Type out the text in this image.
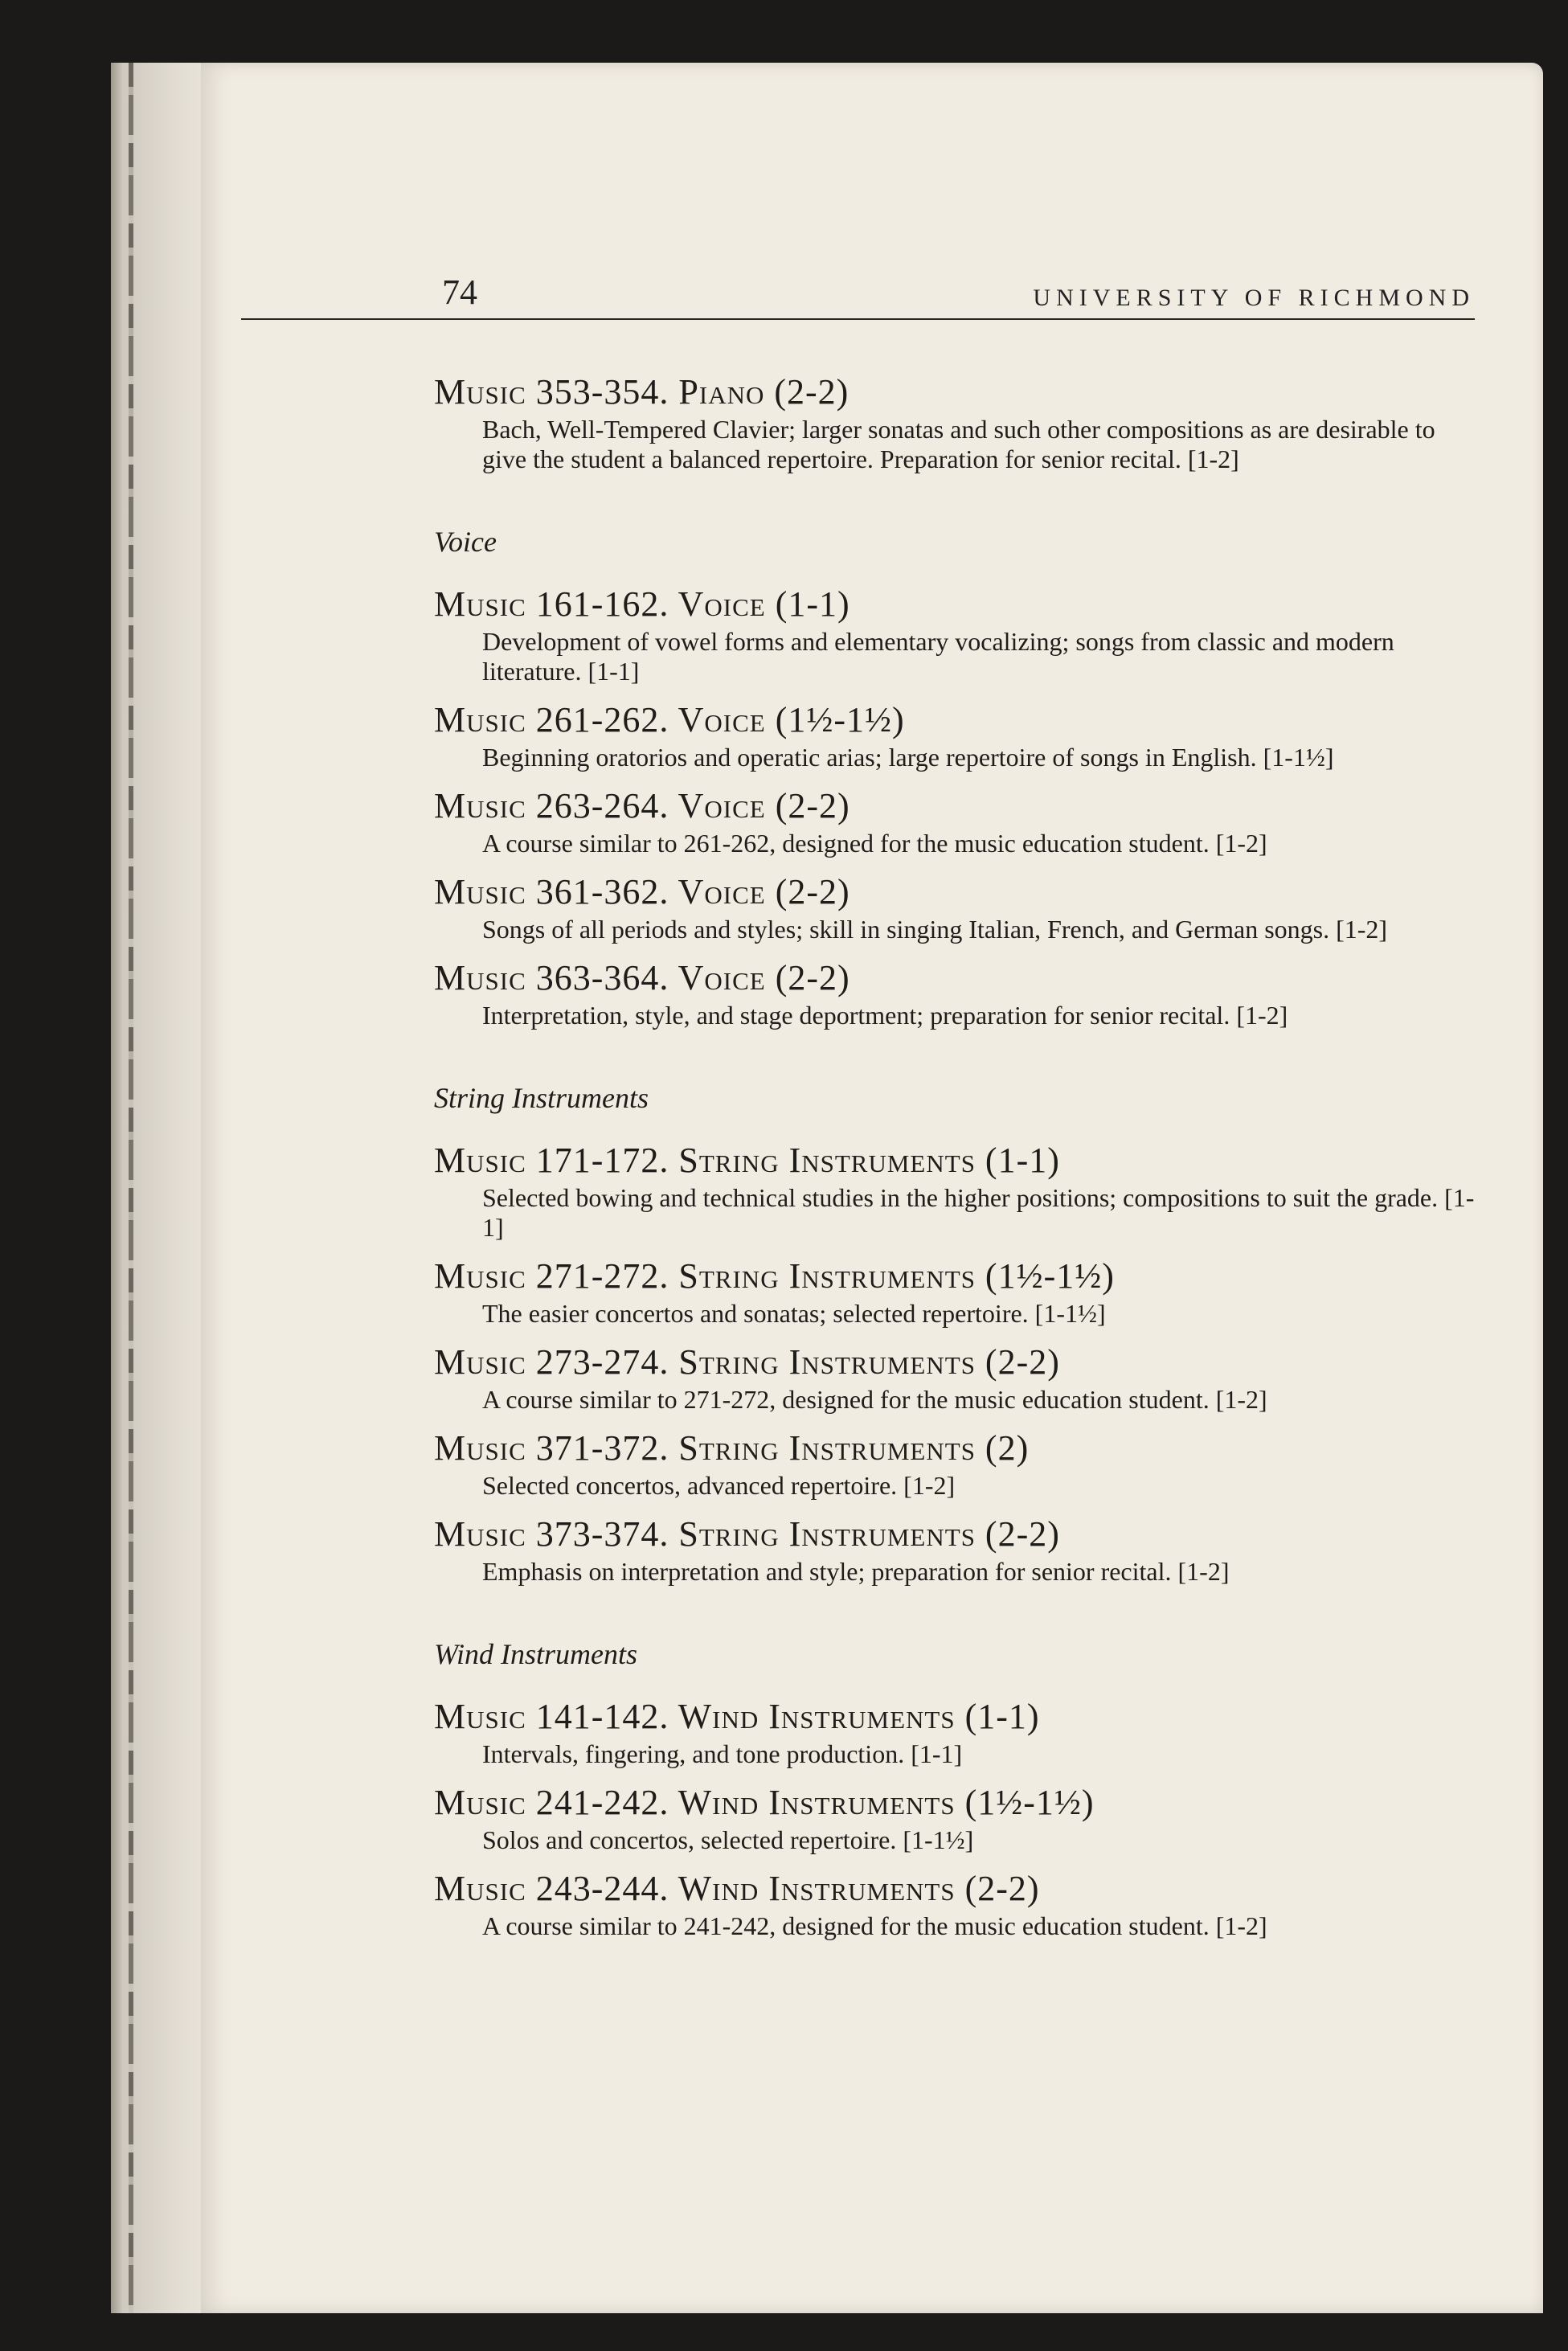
74	UNIVERSITY OF RICHMOND

Music 353-354. Piano (2-2)

Bach, Well-Tempered Clavier; larger sonatas and such other compositions as are desirable to give the student a balanced repertoire. Preparation for senior recital. [1-2]

Voice

Music 161-162. Voice (1-1)

Development of vowel forms and elementary vocalizing; songs from classic and modern literature. [1-1]

Music 261-262. Voice (1½-1½)

Beginning oratorios and operatic arias; large repertoire of songs in English. [1-1½]

Music 263-264. Voice (2-2)

A course similar to 261-262, designed for the music education student. [1-2]

Music 361-362. Voice (2-2)

Songs of all periods and styles; skill in singing Italian, French, and German songs. [1-2]

Music 363-364. Voice (2-2)

Interpretation, style, and stage deportment; preparation for senior recital. [1-2]

String Instruments

Music 171-172. String Instruments (1-1)

Selected bowing and technical studies in the higher positions; compositions to suit the grade. [1-1]

Music 271-272. String Instruments (1½-1½)

The easier concertos and sonatas; selected repertoire. [1-1½]

Music 273-274. String Instruments (2-2)

A course similar to 271-272, designed for the music education student. [1-2]

Music 371-372. String Instruments (2)

Selected concertos, advanced repertoire. [1-2]

Music 373-374. String Instruments (2-2)

Emphasis on interpretation and style; preparation for senior recital. [1-2]

Wind Instruments

Music 141-142. Wind Instruments (1-1)

Intervals, fingering, and tone production. [1-1]

Music 241-242. Wind Instruments (1½-1½)

Solos and concertos, selected repertoire. [1-1½]

Music 243-244. Wind Instruments (2-2)

A course similar to 241-242, designed for the music education student. [1-2]
